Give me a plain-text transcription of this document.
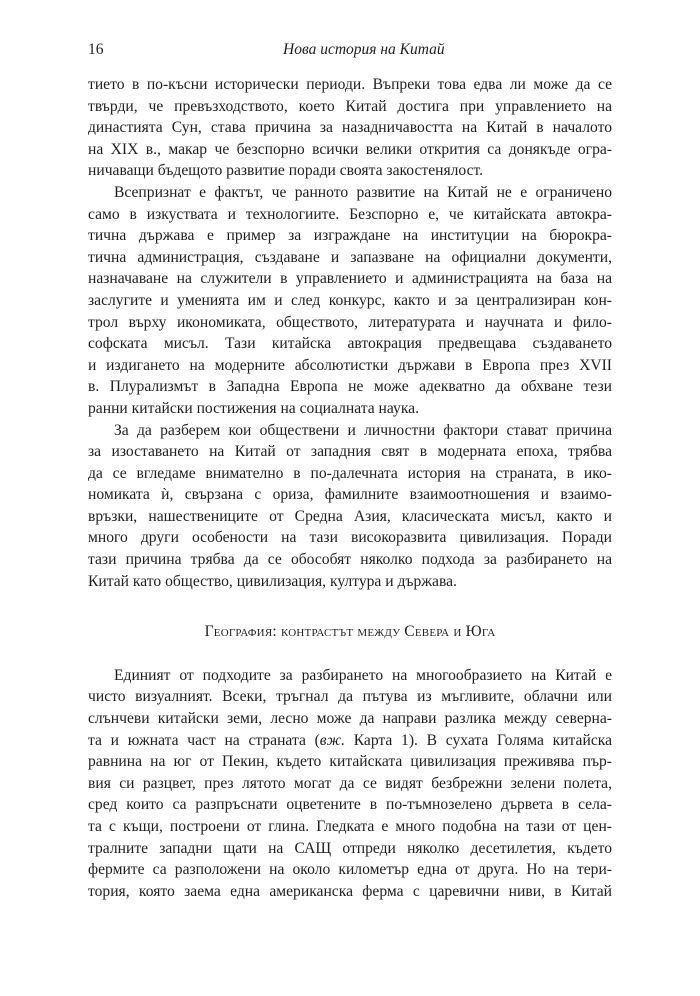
16	Нова история на Китай
тието в по-късни исторически периоди. Въпреки това едва ли може да се
твърди, че превъзходството, което Китай достига при управлението на
династията Сун, става причина за назадничавостта на Китай в началото
на XIX в., макар че безспорно всички велики открития са донякъде огра-
ничаващи бъдещото развитие поради своята закостенялост.
Всепризнат е фактът, че ранното развитие на Китай не е ограничено
само в изкуствата и технологиите. Безспорно е, че китайската автокра-
тична държава е пример за изграждане на институции на бюрокра-
тична администрация, създаване и запазване на официални документи,
назначаване на служители в управлението и администрацията на база на
заслугите и уменията им и след конкурс, както и за централизиран кон-
трол върху икономиката, обществото, литературата и научната и фило-
софската мисъл. Тази китайска автокрация предвещава създаването
и издигането на модерните абсолютистки държави в Европа през XVII
в. Плурализмът в Западна Европа не може адекватно да обхване тези
ранни китайски постижения на социалната наука.
За да разберем кои обществени и личностни фактори стават причина
за изоставането на Китай от западния свят в модерната епоха, трябва
да се вгледаме внимателно в по-далечната история на страната, в ико-
номиката ѝ, свързана с ориза, фамилните взаимоотношения и взаимо-
връзки, нашествениците от Средна Азия, класическата мисъл, както и
много други особености на тази високоразвита цивилизация. Поради
тази причина трябва да се обособят няколко подхода за разбирането на
Китай като общество, цивилизация, култура и държава.
География: контрастът между Севера и Юга
Единият от подходите за разбирането на многообразието на Китай е
чисто визуалният. Всеки, тръгнал да пътува из мъгливите, облачни или
слънчеви китайски земи, лесно може да направи разлика между северна-
та и южната част на страната (вж. Карта 1). В сухата Голяма китайска
равнина на юг от Пекин, където китайската цивилизация преживява пър-
вия си разцвет, през лятото могат да се видят безбрежни зелени полета,
сред които са разпръснати оцветените в по-тъмнозелено дървета в села-
та с къщи, построени от глина. Гледката е много подобна на тази от цен-
тралните западни щати на САЩ отпреди няколко десетилетия, където
фермите са разположени на около километър една от друга. Но на тери-
тория, която заема една американска ферма с царевични ниви, в Китай
